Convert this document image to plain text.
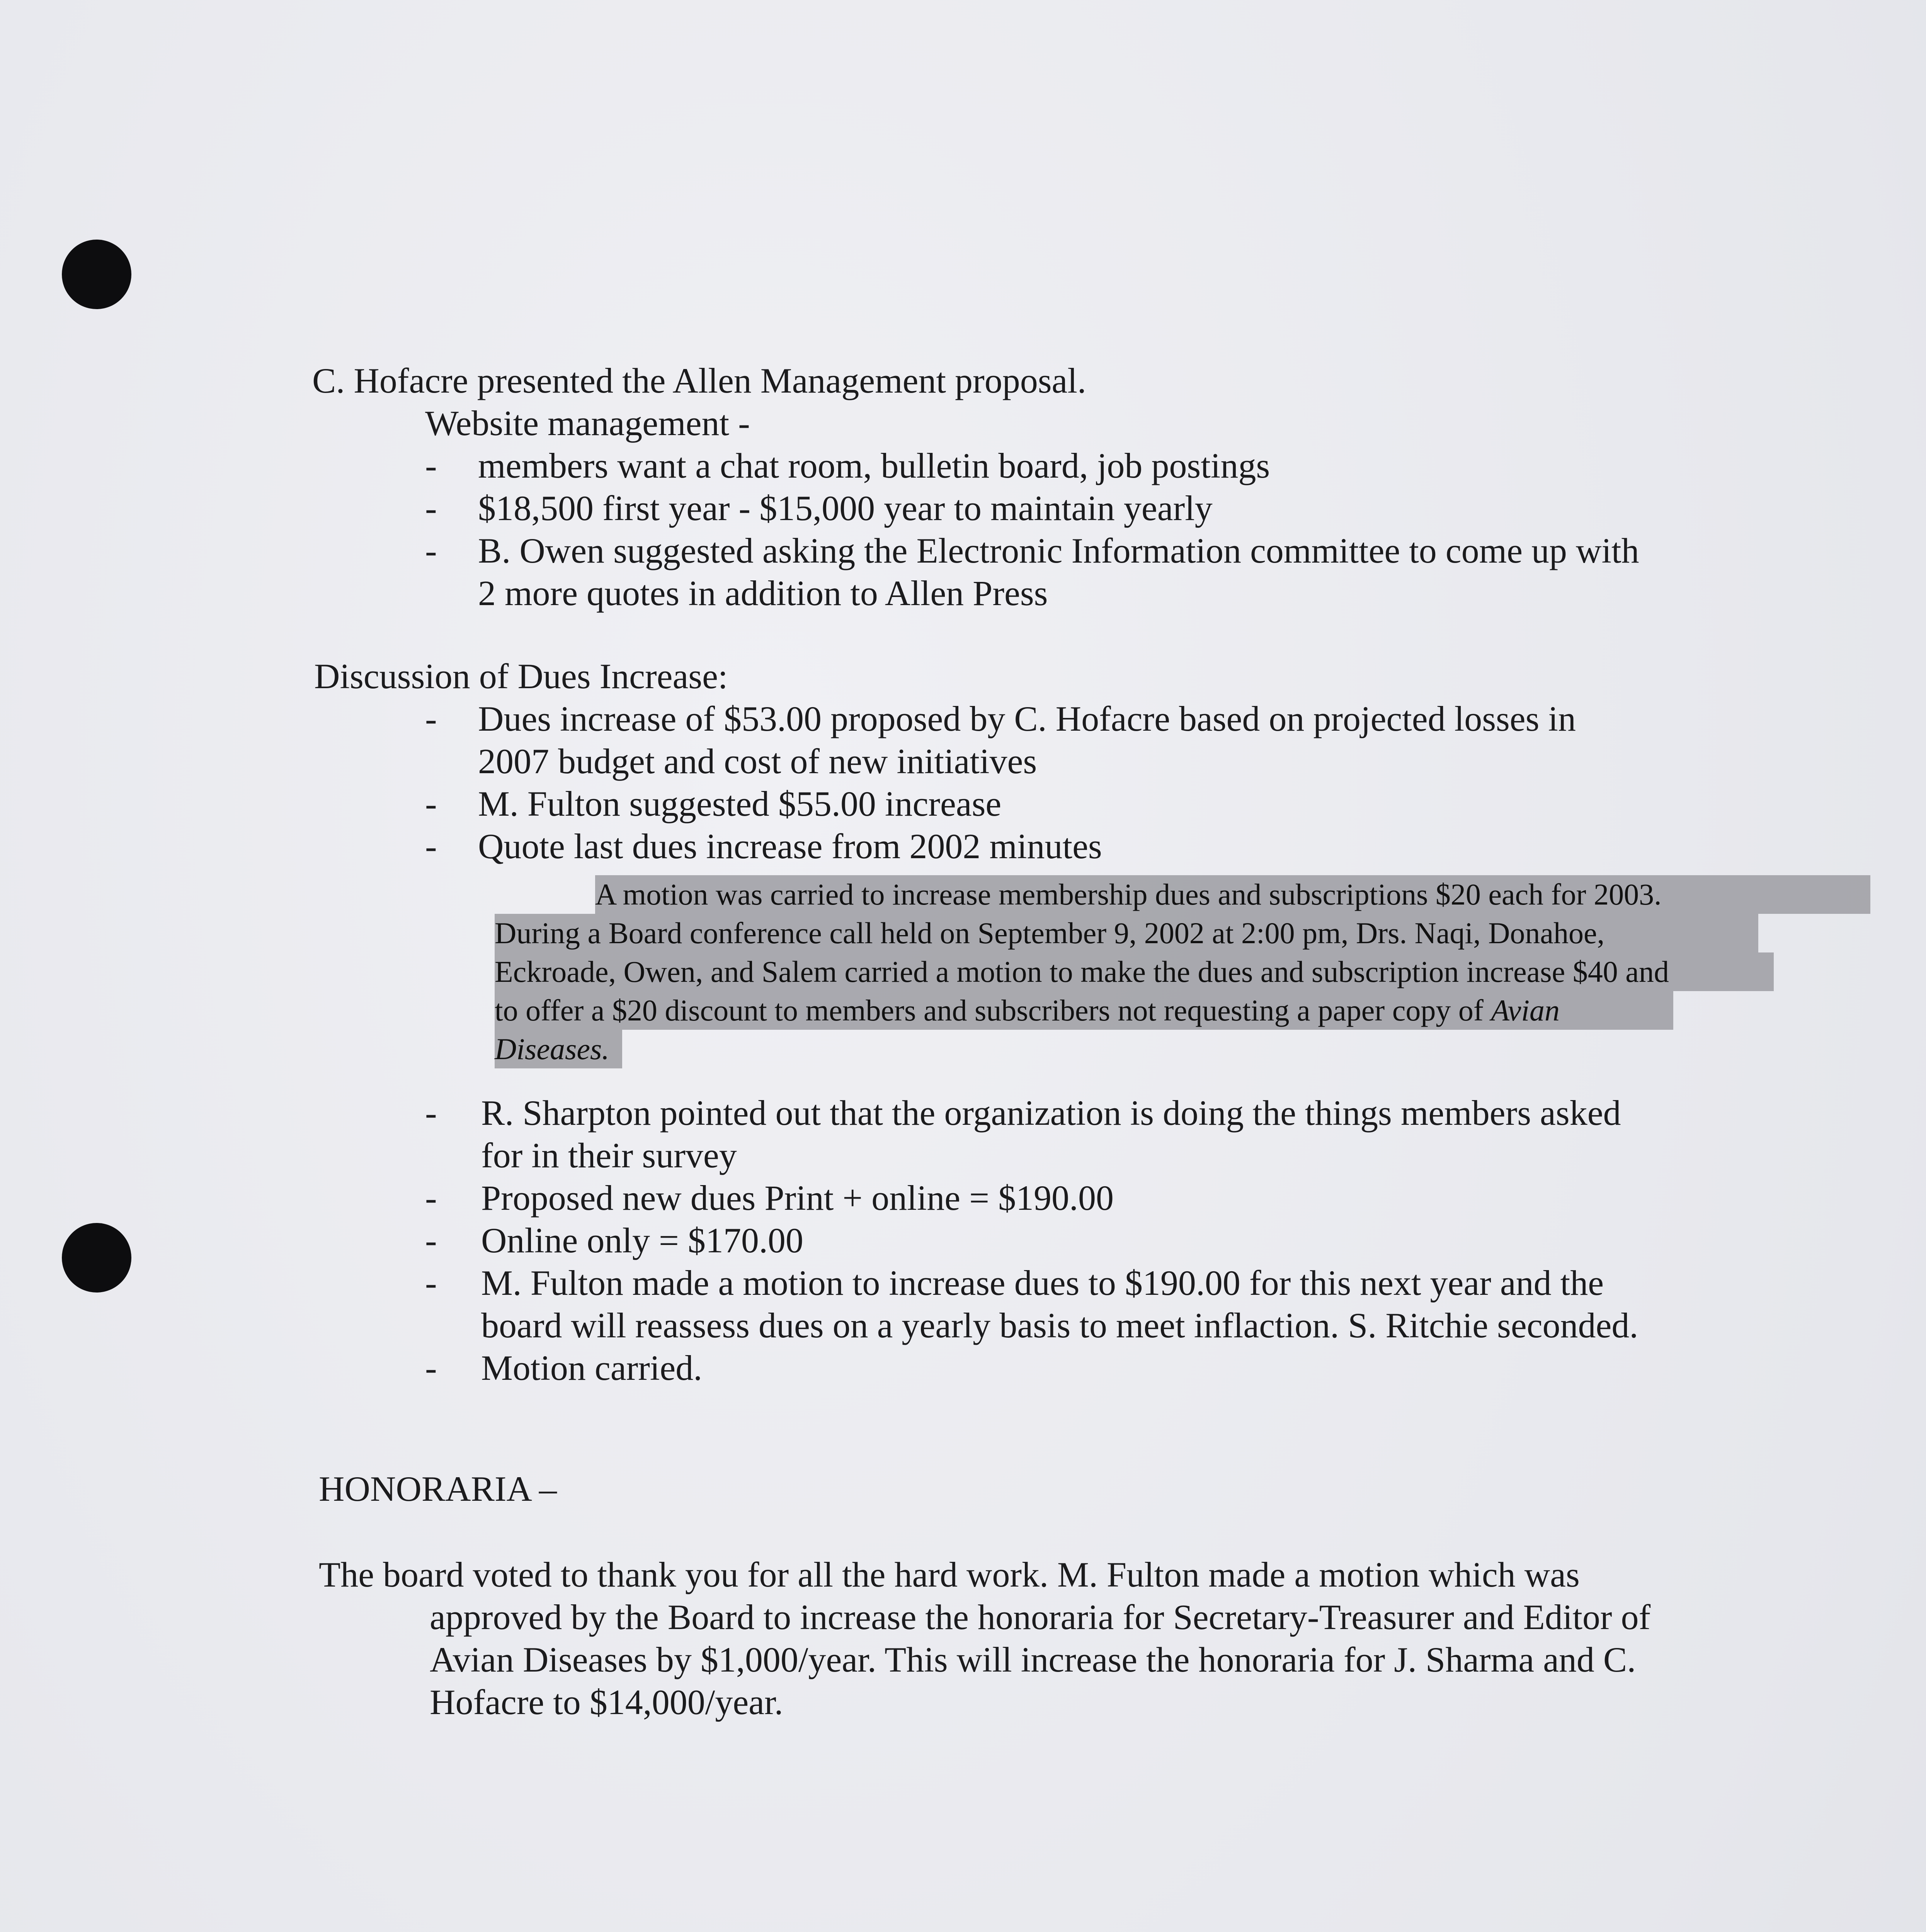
C. Hofacre presented the Allen Management proposal.
Website management -
- members want a chat room, bulletin board, job postings
- $18,500 first year - $15,000 year to maintain yearly
- B. Owen suggested asking the Electronic Information committee to come up with
2 more quotes in addition to Allen Press
Discussion of Dues Increase:
- Dues increase of $53.00 proposed by C. Hofacre based on projected losses in
2007 budget and cost of new initiatives
- M. Fulton suggested $55.00 increase
- Quote last dues increase from 2002 minutes
A motion was carried to increase membership dues and subscriptions $20 each for 2003.
During a Board conference call held on September 9, 2002 at 2:00 pm, Drs. Naqi, Donahoe,
Eckroade, Owen, and Salem carried a motion to make the dues and subscription increase $40 and
to offer a $20 discount to members and subscribers not requesting a paper copy of Avian
Diseases.
- R. Sharpton pointed out that the organization is doing the things members asked
for in their survey
- Proposed new dues Print + online = $190.00
- Online only = $170.00
- M. Fulton made a motion to increase dues to $190.00 for this next year and the
board will reassess dues on a yearly basis to meet inflaction. S. Ritchie seconded.
- Motion carried.
HONORARIA –
The board voted to thank you for all the hard work. M. Fulton made a motion which was
approved by the Board to increase the honoraria for Secretary-Treasurer and Editor of
Avian Diseases by $1,000/year. This will increase the honoraria for J. Sharma and C.
Hofacre to $14,000/year.
